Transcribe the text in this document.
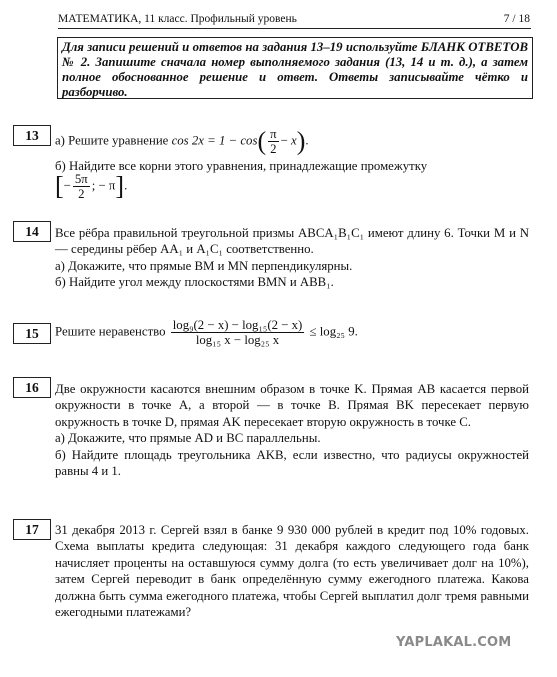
МАТЕМАТИКА, 11 класс. Профильный уровень	7 / 18
Для записи решений и ответов на задания 13–19 используйте БЛАНК ОТВЕТОВ № 2. Запишите сначала номер выполняемого задания (13, 14 и т. д.), а затем полное обоснованное решение и ответ. Ответы записывайте чётко и разборчиво.
13	а) Решите уравнение $\cos 2x = 1 - \cos( \frac{\pi}{2} - x)$.
б) Найдите все корни этого уравнения, принадлежащие промежутку
[− $\frac{5\pi}{2}$ ; − π].
14	Все рёбра правильной треугольной призмы ABCA₁B₁C₁ имеют длину 6. Точки M и N — середины рёбер AA₁ и A₁C₁ соответственно.
а) Докажите, что прямые BM и MN перпендикулярны.
б) Найдите угол между плоскостями BMN и ABB₁.
15	Решите неравенство $\frac{\text{log₉(2 − x) − log₁₅(2 − x)}}{\text{log₁₅ x − log₂₅ x}} \le \log_{25}$ 9.
16	Две окружности касаются внешним образом в точке K. Прямая AB касается первой окружности в точке A, а второй — в точке B. Прямая BK пересекает первую окружность в точке D, прямая AK пересекает вторую окружность в точке C.
а) Докажите, что прямые AD и BC параллельны.
б) Найдите площадь треугольника AKB, если известно, что радиусы окружностей равны 4 и 1.
17	31 декабря 2013 г. Сергей взял в банке 9 930 000 рублей в кредит под 10% годовых. Схема выплаты кредита следующая: 31 декабря каждого следующего года банк начисляет проценты на оставшуюся сумму долга (то есть увеличивает долг на 10%), затем Сергей переводит в банк определённую сумму ежегодного платежа. Какова должна быть сумма ежегодного платежа, чтобы Сергей выплатил долг тремя равными ежегодными платежами?
YAPLAKAL.COM
